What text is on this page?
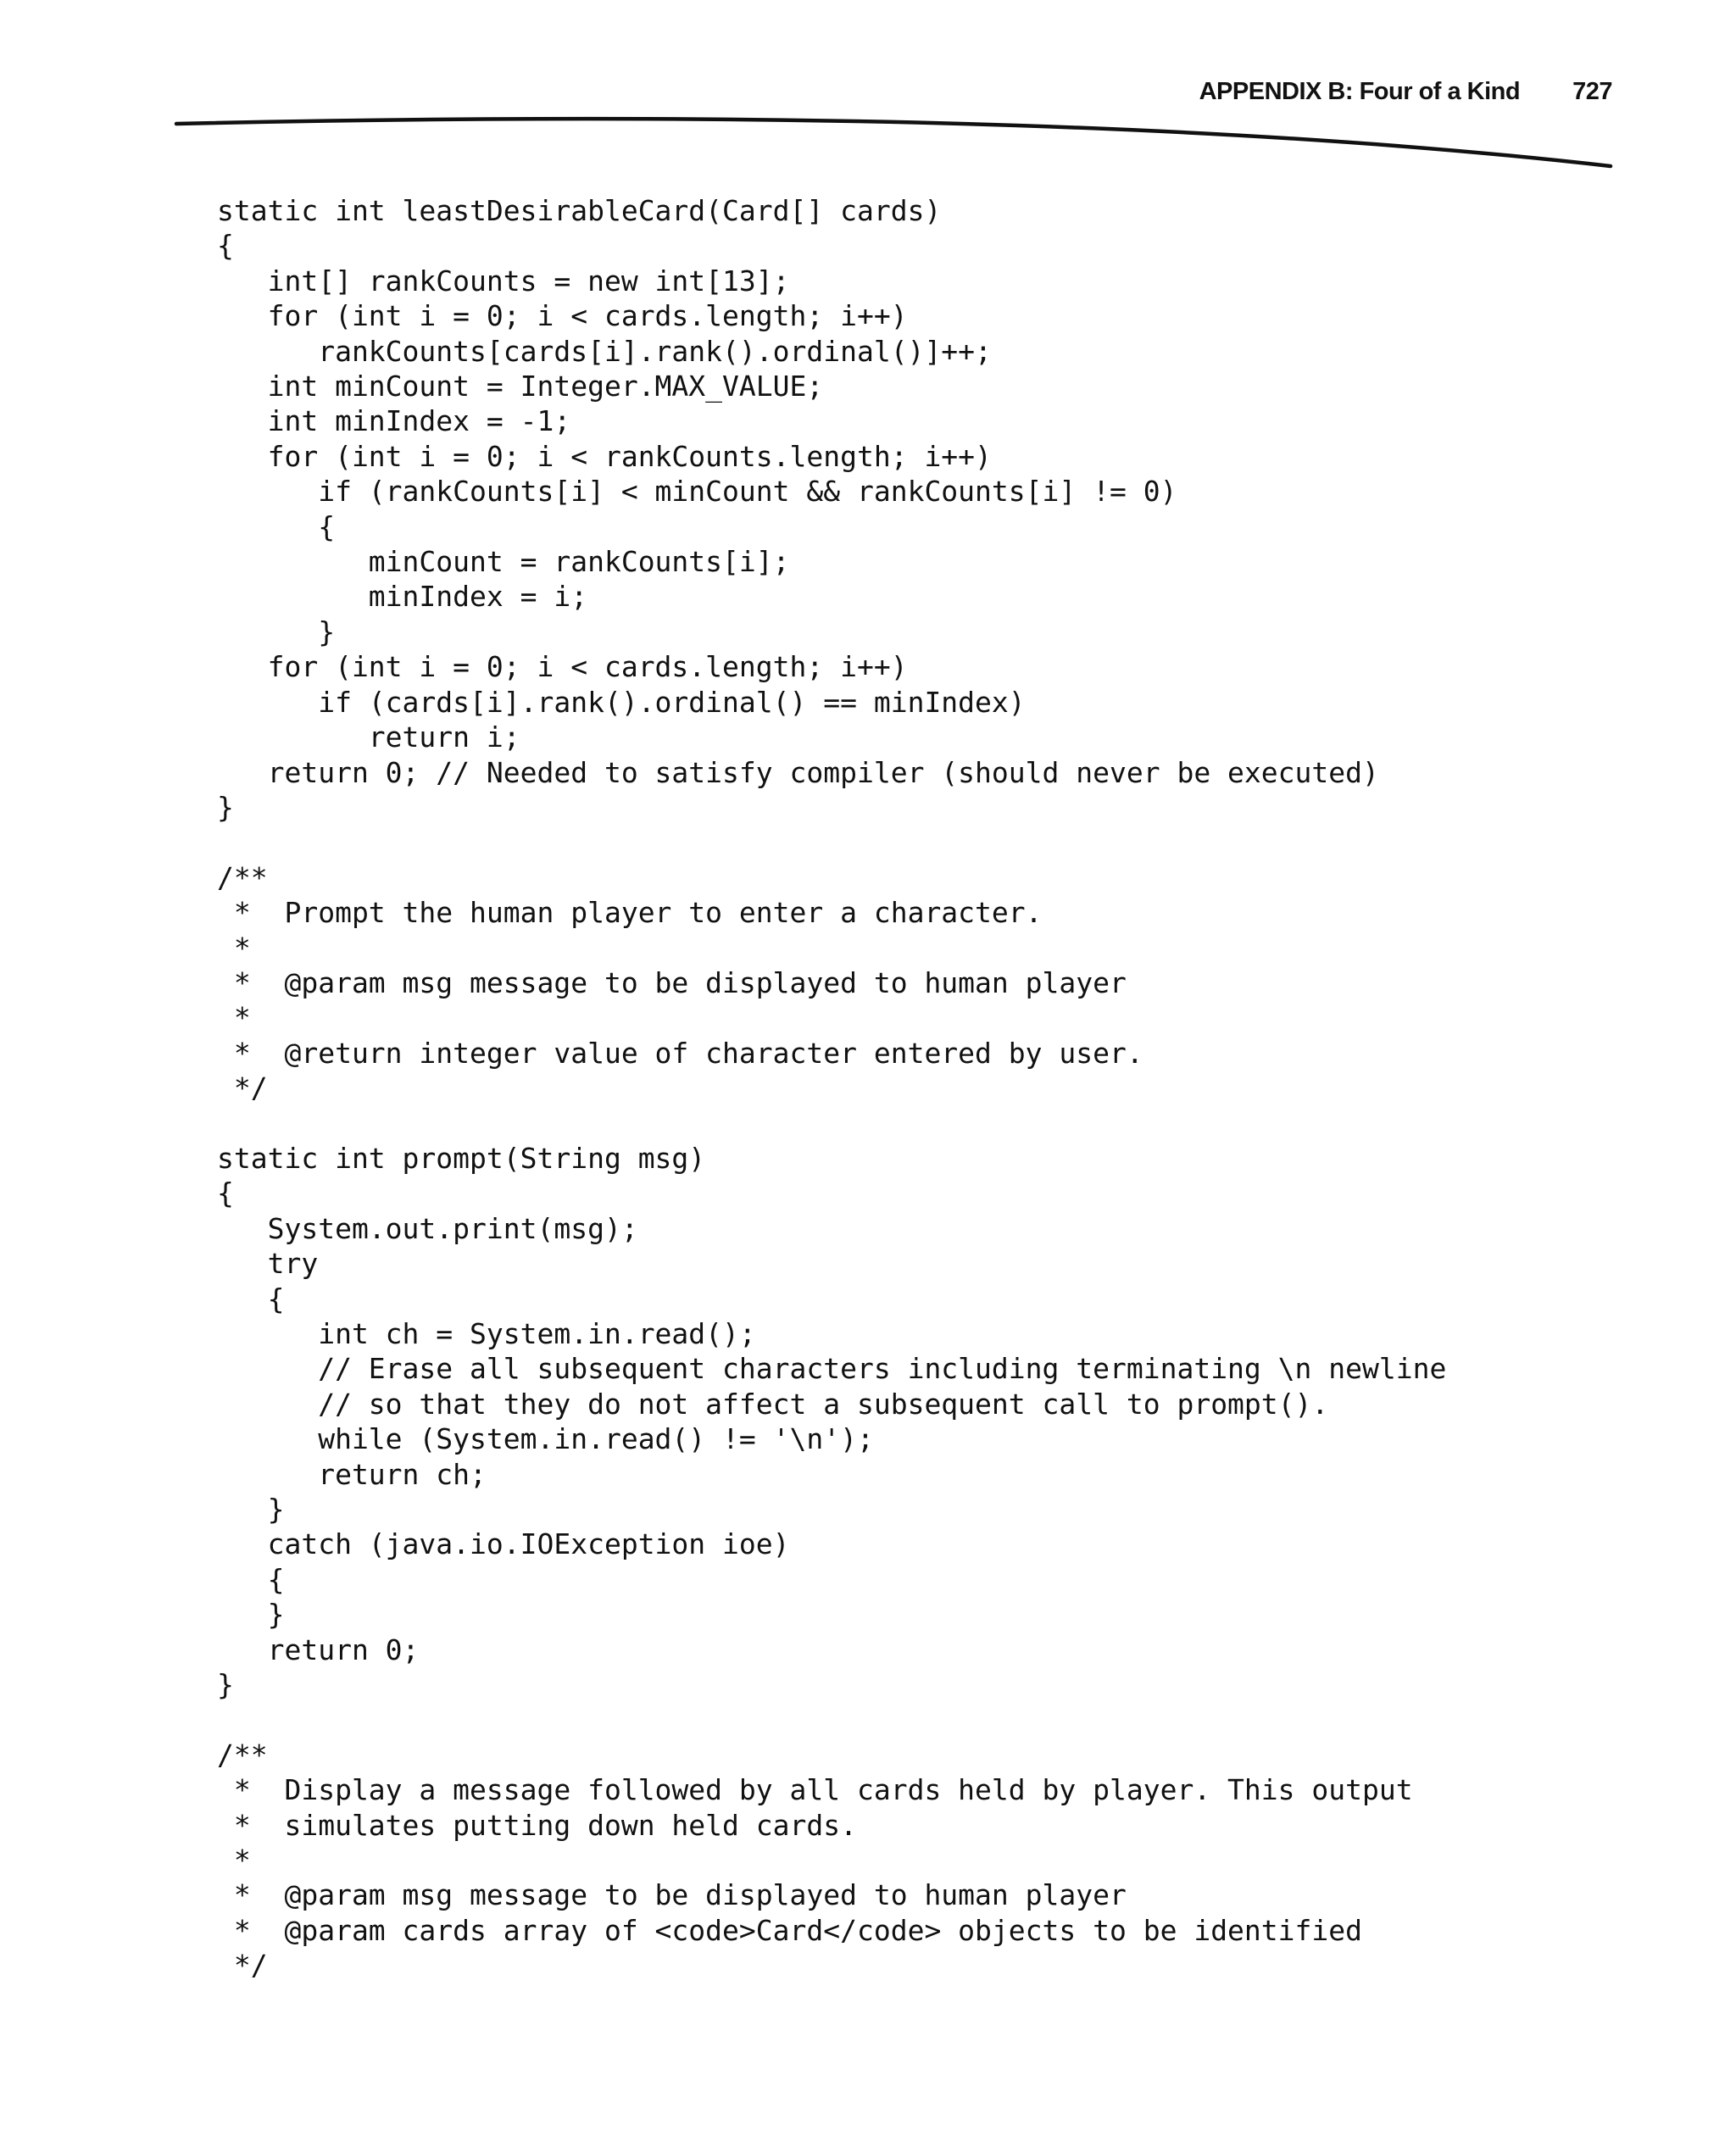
APPENDIX B: Four of a Kind 727
static int leastDesirableCard(Card[] cards)
{
int[] rankCounts = new int[13];
for (int i = 0; i < cards.length; i++)
rankCounts[cards[i].rank().ordinal()]++;
int minCount = Integer.MAX_VALUE;
int minIndex = -1;
for (int i = 0; i < rankCounts.length; i++)
if (rankCounts[i] < minCount && rankCounts[i] != 0)
{
minCount = rankCounts[i];
minIndex = i;
}
for (int i = 0; i < cards.length; i++)
if (cards[i].rank().ordinal() == minIndex)
return i;
return 0; // Needed to satisfy compiler (should never be executed)
}
/**
*  Prompt the human player to enter a character.
*
*  @param msg message to be displayed to human player
*
*  @return integer value of character entered by user.
*/
static int prompt(String msg)
{
System.out.print(msg);
try
{
int ch = System.in.read();
// Erase all subsequent characters including terminating \n newline
// so that they do not affect a subsequent call to prompt().
while (System.in.read() != '\n');
return ch;
}
catch (java.io.IOException ioe)
{
}
return 0;
}
/**
*  Display a message followed by all cards held by player. This output
*  simulates putting down held cards.
*
*  @param msg message to be displayed to human player
*  @param cards array of <code>Card</code> objects to be identified
*/
